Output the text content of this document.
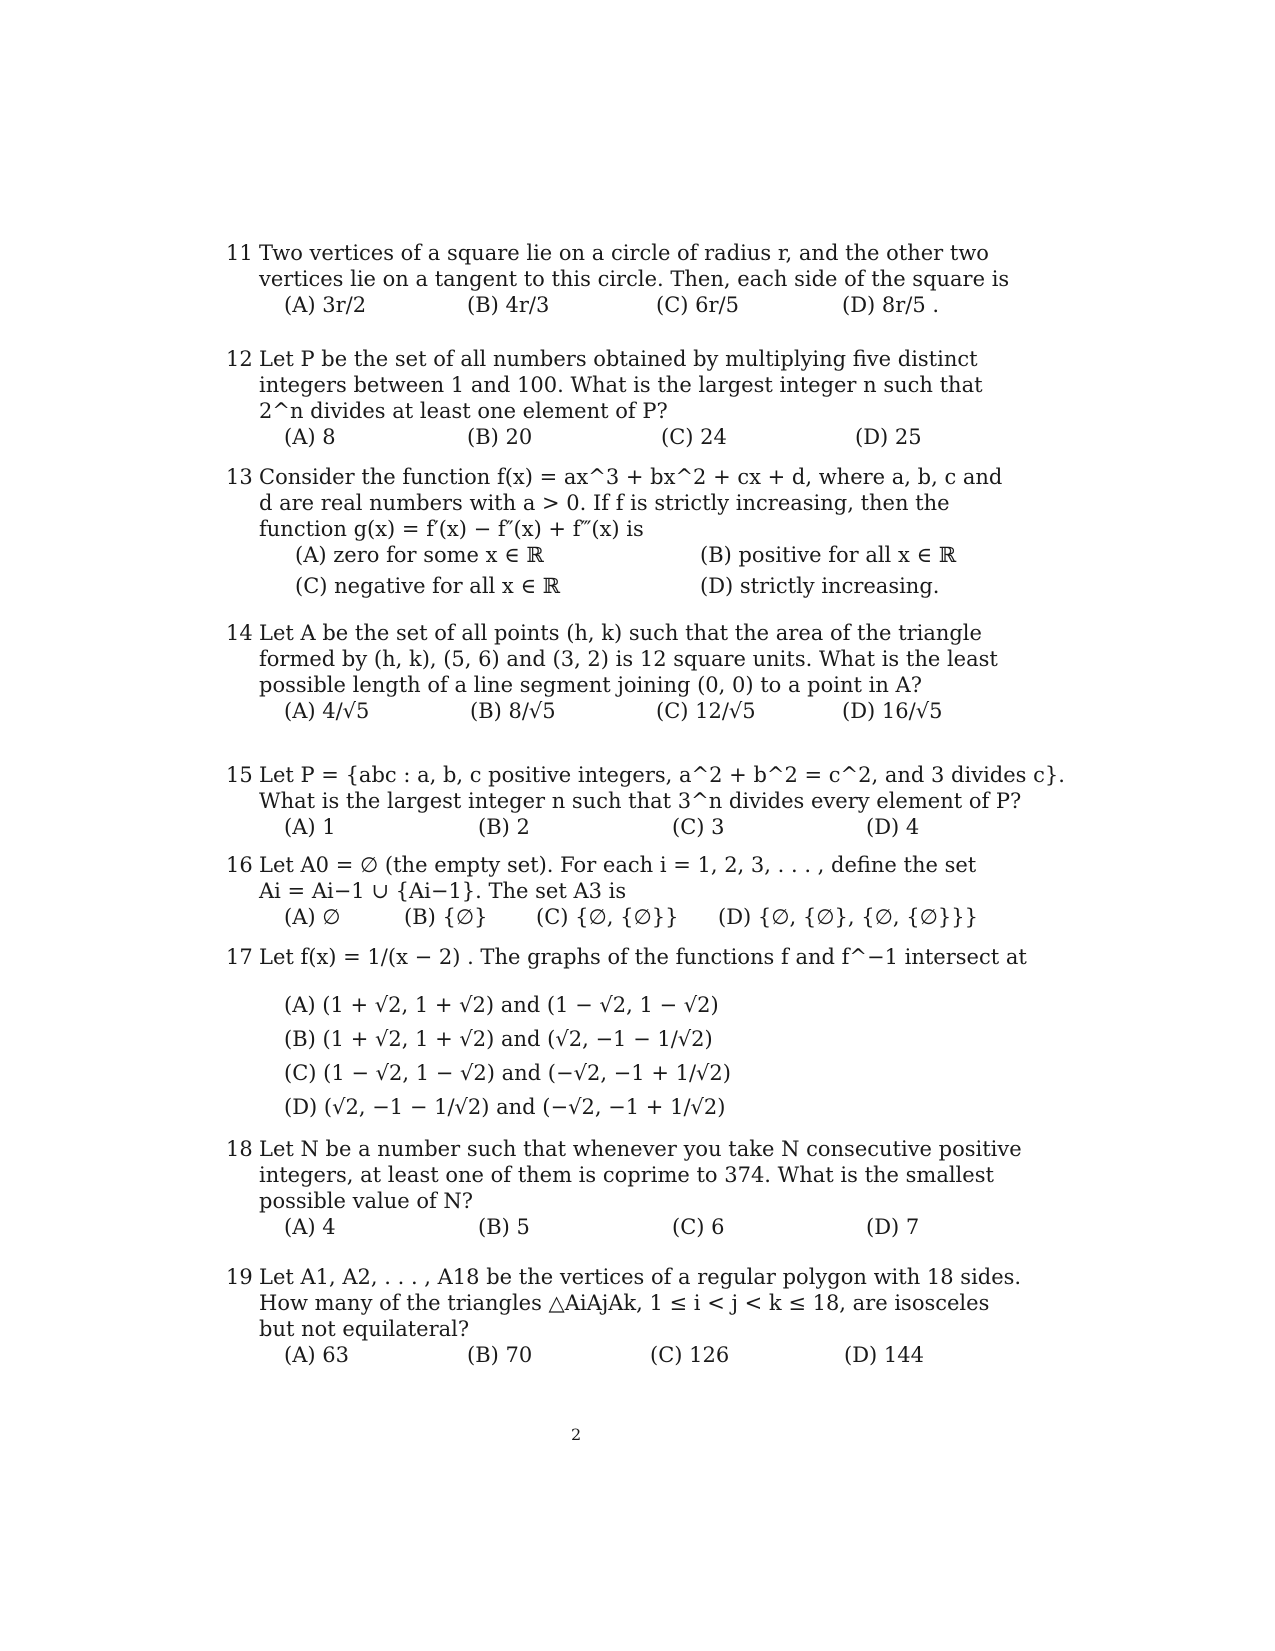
11 Two vertices of a square lie on a circle of radius r, and the other two
vertices lie on a tangent to this circle. Then, each side of the square is
(A) 3r/2	(B) 4r/3	(C) 6r/5	(D) 8r/5 .
12 Let P be the set of all numbers obtained by multiplying five distinct
integers between 1 and 100. What is the largest integer n such that
2^n divides at least one element of P?
(A) 8	(B) 20	(C) 24	(D) 25
13 Consider the function f(x) = ax^3 + bx^2 + cx + d, where a, b, c and
d are real numbers with a > 0. If f is strictly increasing, then the
function g(x) = f′(x) − f″(x) + f‴(x) is
(A) zero for some x ∈ ℝ	(B) positive for all x ∈ ℝ
(C) negative for all x ∈ ℝ	(D) strictly increasing.
14 Let A be the set of all points (h, k) such that the area of the triangle
formed by (h, k), (5, 6) and (3, 2) is 12 square units. What is the least
possible length of a line segment joining (0, 0) to a point in A?
(A) 4/√5	(B) 8/√5	(C) 12/√5	(D) 16/√5
15 Let P = {abc : a, b, c positive integers, a^2 + b^2 = c^2, and 3 divides c}.
What is the largest integer n such that 3^n divides every element of P?
(A) 1	(B) 2	(C) 3	(D) 4
16 Let A0 = ∅ (the empty set). For each i = 1, 2, 3, . . . , define the set
Ai = Ai−1 ∪ {Ai−1}. The set A3 is
(A) ∅	(B) {∅} (C) {∅, {∅}} (D) {∅, {∅}, {∅, {∅}}}
17 Let f(x) = 1/(x − 2) . The graphs of the functions f and f^−1 intersect at
(A) (1 + √2, 1 + √2) and (1 − √2, 1 − √2)
(B) (1 + √2, 1 + √2) and (√2, −1 − 1/√2)
(C) (1 − √2, 1 − √2) and (−√2, −1 + 1/√2)
(D) (√2, −1 − 1/√2) and (−√2, −1 + 1/√2)
18 Let N be a number such that whenever you take N consecutive positive
integers, at least one of them is coprime to 374. What is the smallest
possible value of N?
(A) 4	(B) 5	(C) 6	(D) 7
19 Let A1, A2, . . . , A18 be the vertices of a regular polygon with 18 sides.
How many of the triangles △AiAjAk, 1 ≤ i < j < k ≤ 18, are isosceles
but not equilateral?
(A) 63	(B) 70	(C) 126	(D) 144
2
